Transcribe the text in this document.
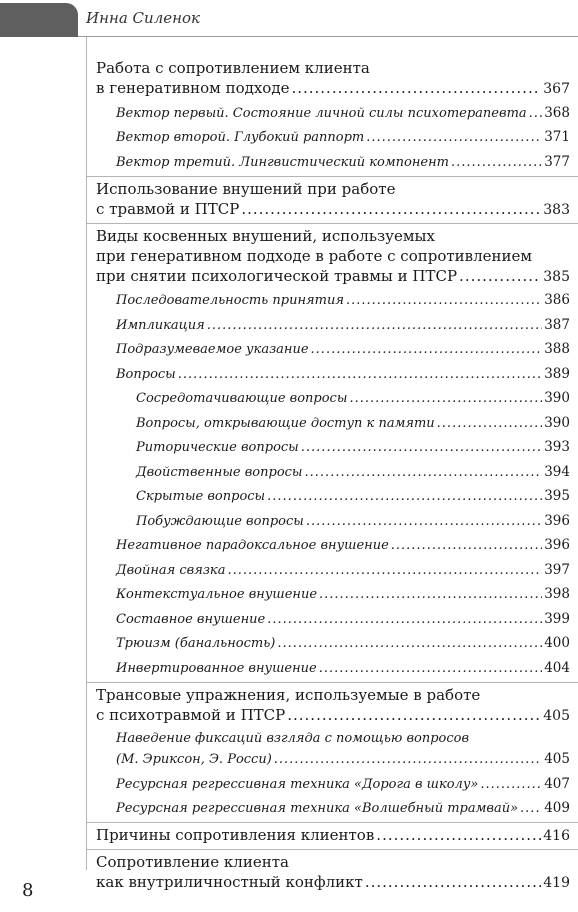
Инна Силенок
Работа с сопротивлением клиента
в генеративном подходе .....	367
Вектор первый. Состояние личной силы психотерапевта ..... 368
Вектор второй. Глубокий раппорт .....	371
Вектор третий. Лингвистический компонент .....	377
Использование внушений при работе
с травмой и ПТСР .....	383
Виды косвенных внушений, используемых
при генеративном подходе в работе с сопротивлением
при снятии психологической травмы и ПТСР .....	385
Последовательность принятия .....	386
Импликация .....	387
Подразумеваемое указание .....	388
Вопросы .....	389
Сосредотачивающие вопросы .....	390
Вопросы, открывающие доступ к памяти .....	390
Риторические вопросы .....	393
Двойственные вопросы .....	394
Скрытые вопросы .....	395
Побуждающие вопросы .....	396
Негативное парадоксальное внушение .....	396
Двойная связка .....	397
Контекстуальное внушение .....	398
Составное внушение .....	399
Трюизм (банальность) .....	400
Инвертированное внушение .....	404
Трансовые упражнения, используемые в работе
с психотравмой и ПТСР .....	405
Наведение фиксаций взгляда с помощью вопросов
(М. Эриксон, Э. Росси) .....	405
Ресурсная регрессивная техника «Дорога в школу» .....	407
Ресурсная регрессивная техника «Волшебный трамвай» ..... 409
Причины сопротивления клиентов .....	416
Сопротивление клиента
как внутриличностный конфликт .....	419
8
